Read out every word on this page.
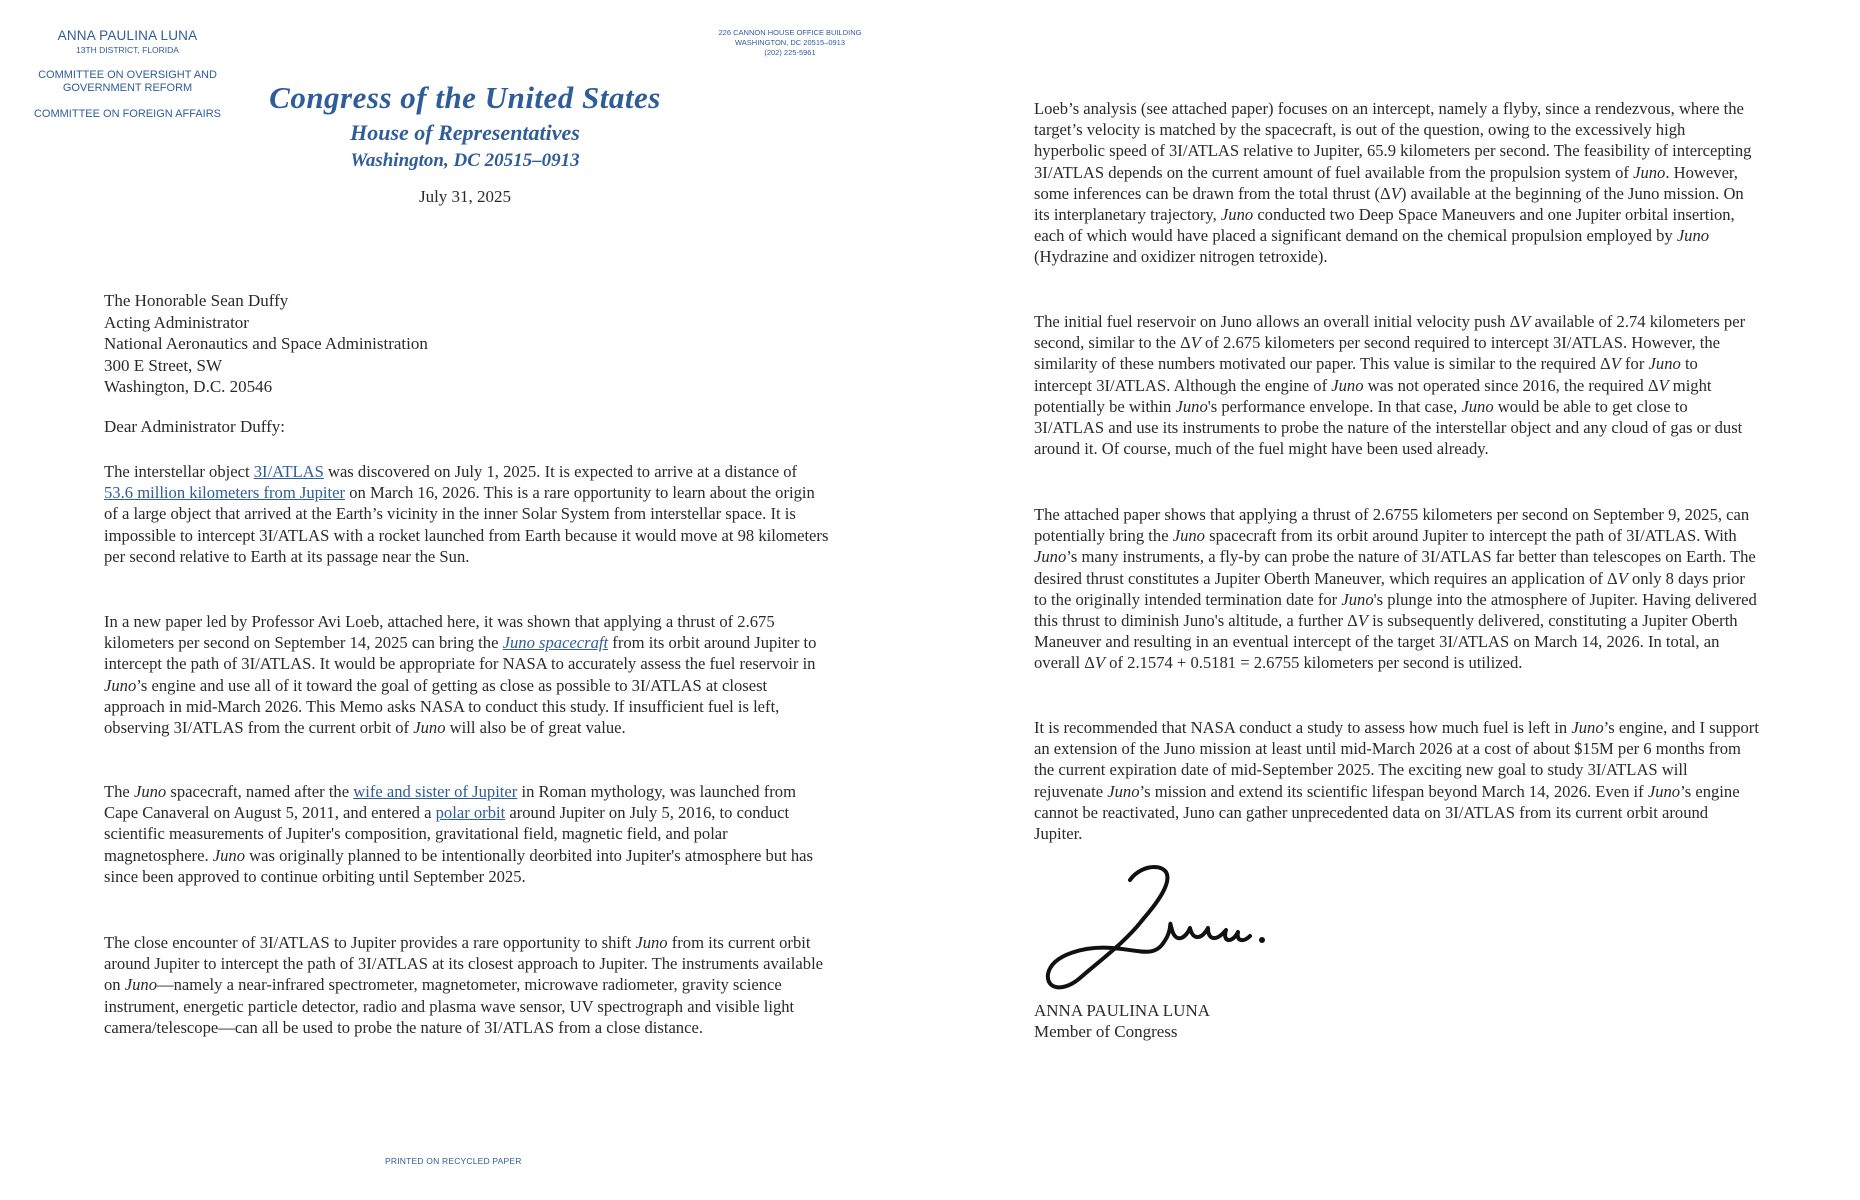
ANNA PAULINA LUNA
13TH DISTRICT, FLORIDA
COMMITTEE ON OVERSIGHT AND
GOVERNMENT REFORM
COMMITTEE ON FOREIGN AFFAIRS
226 CANNON HOUSE OFFICE BUILDING
WASHINGTON, DC 20515–0913
(202) 225-5961
Congress of the United States
House of Representatives
Washington, DC 20515–0913
July 31, 2025
The Honorable Sean Duffy
Acting Administrator
National Aeronautics and Space Administration
300 E Street, SW
Washington, D.C. 20546
Dear Administrator Duffy:
The interstellar object 3I/ATLAS was discovered on July 1, 2025. It is expected to arrive at a distance of 53.6 million kilometers from Jupiter on March 16, 2026. This is a rare opportunity to learn about the origin of a large object that arrived at the Earth’s vicinity in the inner Solar System from interstellar space. It is impossible to intercept 3I/ATLAS with a rocket launched from Earth because it would move at 98 kilometers per second relative to Earth at its passage near the Sun.
In a new paper led by Professor Avi Loeb, attached here, it was shown that applying a thrust of 2.675 kilometers per second on September 14, 2025 can bring the Juno spacecraft from its orbit around Jupiter to intercept the path of 3I/ATLAS. It would be appropriate for NASA to accurately assess the fuel reservoir in Juno’s engine and use all of it toward the goal of getting as close as possible to 3I/ATLAS at closest approach in mid-March 2026. This Memo asks NASA to conduct this study. If insufficient fuel is left, observing 3I/ATLAS from the current orbit of Juno will also be of great value.
The Juno spacecraft, named after the wife and sister of Jupiter in Roman mythology, was launched from Cape Canaveral on August 5, 2011, and entered a polar orbit around Jupiter on July 5, 2016, to conduct scientific measurements of Jupiter's composition, gravitational field, magnetic field, and polar magnetosphere. Juno was originally planned to be intentionally deorbited into Jupiter's atmosphere but has since been approved to continue orbiting until September 2025.
The close encounter of 3I/ATLAS to Jupiter provides a rare opportunity to shift Juno from its current orbit around Jupiter to intercept the path of 3I/ATLAS at its closest approach to Jupiter. The instruments available on Juno—namely a near-infrared spectrometer, magnetometer, microwave radiometer, gravity science instrument, energetic particle detector, radio and plasma wave sensor, UV spectrograph and visible light camera/telescope—can all be used to probe the nature of 3I/ATLAS from a close distance.
PRINTED ON RECYCLED PAPER
Loeb’s analysis (see attached paper) focuses on an intercept, namely a flyby, since a rendezvous, where the target’s velocity is matched by the spacecraft, is out of the question, owing to the excessively high hyperbolic speed of 3I/ATLAS relative to Jupiter, 65.9 kilometers per second. The feasibility of intercepting 3I/ATLAS depends on the current amount of fuel available from the propulsion system of Juno. However, some inferences can be drawn from the total thrust (ΔV) available at the beginning of the Juno mission. On its interplanetary trajectory, Juno conducted two Deep Space Maneuvers and one Jupiter orbital insertion, each of which would have placed a significant demand on the chemical propulsion employed by Juno (Hydrazine and oxidizer nitrogen tetroxide).
The initial fuel reservoir on Juno allows an overall initial velocity push ΔV available of 2.74 kilometers per second, similar to the ΔV of 2.675 kilometers per second required to intercept 3I/ATLAS. However, the similarity of these numbers motivated our paper. This value is similar to the required ΔV for Juno to intercept 3I/ATLAS. Although the engine of Juno was not operated since 2016, the required ΔV might potentially be within Juno's performance envelope. In that case, Juno would be able to get close to 3I/ATLAS and use its instruments to probe the nature of the interstellar object and any cloud of gas or dust around it. Of course, much of the fuel might have been used already.
The attached paper shows that applying a thrust of 2.6755 kilometers per second on September 9, 2025, can potentially bring the Juno spacecraft from its orbit around Jupiter to intercept the path of 3I/ATLAS. With Juno’s many instruments, a fly-by can probe the nature of 3I/ATLAS far better than telescopes on Earth. The desired thrust constitutes a Jupiter Oberth Maneuver, which requires an application of ΔV only 8 days prior to the originally intended termination date for Juno's plunge into the atmosphere of Jupiter. Having delivered this thrust to diminish Juno's altitude, a further ΔV is subsequently delivered, constituting a Jupiter Oberth Maneuver and resulting in an eventual intercept of the target 3I/ATLAS on March 14, 2026. In total, an overall ΔV of 2.1574 + 0.5181 = 2.6755 kilometers per second is utilized.
It is recommended that NASA conduct a study to assess how much fuel is left in Juno’s engine, and I support an extension of the Juno mission at least until mid-March 2026 at a cost of about $15M per 6 months from the current expiration date of mid-September 2025. The exciting new goal to study 3I/ATLAS will rejuvenate Juno’s mission and extend its scientific lifespan beyond March 14, 2026. Even if Juno’s engine cannot be reactivated, Juno can gather unprecedented data on 3I/ATLAS from its current orbit around Jupiter.
ANNA PAULINA LUNA
Member of Congress
